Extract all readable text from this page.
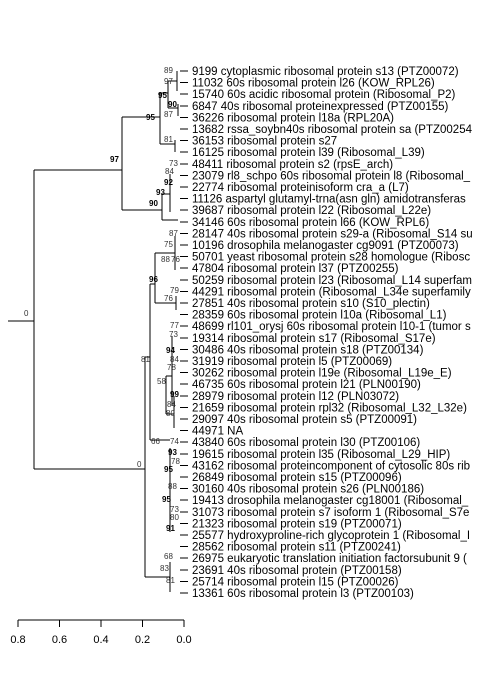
9199 cytoplasmic ribosomal protein s13 (PTZ00072)
11032 60s ribosomal protein l26 (KOW_RPL26)
15740 60s acidic ribosomal protein (Ribosomal_P2)
6847 40s ribosomal proteinexpressed (PTZ00155)
36226 ribosomal protein l18a (RPL20A)
13682 rssa_soybn40s ribosomal protein sa (PTZ00254
36153 ribosomal protein s27
16125 ribosomal protein l39 (Ribosomal_L39)
48411 ribosomal protein s2 (rpsE_arch)
23079 rl8_schpo 60s ribosomal protein l8 (Ribosomal_
22774 ribosomal proteinisoform cra_a (L7)
11126 aspartyl glutamyl-trna(asn gln) amidotransferas
39687 ribosomal protein l22 (Ribosomal_L22e)
34146 60s ribosomal protein l66 (KOW_RPL6)
28147 40s ribosomal protein s29-a (Ribosomal_S14 su
10196 drosophila melanogaster cg9091 (PTZ00073)
50701 yeast ribosomal protein s28 homologue (Ribosc
47804 ribosomal protein l37 (PTZ00255)
50259 ribosomal protein l23 (Ribosomal_L14 superfam
44291 ribosomal protein (Ribosomal_L34e superfamily
27851 40s ribosomal protein s10 (S10_plectin)
28359 60s ribosomal protein l10a (Ribosomal_L1)
48699 rl101_orysj 60s ribosomal protein l10-1 (tumor s
19314 ribosomal protein s17 (Ribosomal_S17e)
30486 40s ribosomal protein s18 (PTZ00134)
31919 ribosomal protein l5 (PTZ00069)
30262 ribosomal protein l19e (Ribosomal_L19e_E)
46735 60s ribosomal protein l21 (PLN00190)
28979 ribosomal protein l12 (PLN03072)
21659 ribosomal protein rpl32 (Ribosomal_L32_L32e)
29097 40s ribosomal protein s5 (PTZ00091)
44971 NA
43840 60s ribosomal protein l30 (PTZ00106)
19615 ribosomal protein l35 (Ribosomal_L29_HIP)
43162 ribosomal proteincomponent of cytosolic 80s rib
26849 ribosomal protein s15 (PTZ00096)
30160 40s ribosomal protein s26 (PLN00186)
19413 drosophila melanogaster cg18001 (Ribosomal_
31073 ribosomal protein s7 isoform 1 (Ribosomal_S7e
21323 ribosomal protein s19 (PTZ00071)
25577 hydroxyproline-rich glycoprotein 1 (Ribosomal_I
28562 ribosomal protein s11 (PTZ00241)
26975 eukaryotic translation initiation factorsubunit 9 (
23691 40s ribosomal protein (PTZ00158)
25714 ribosomal protein l15 (PTZ00026)
13361 60s ribosomal protein l3 (PTZ00103)
89
97
95
90
87
95
81
97	73
84
92
93
90
87
75
88 76
96
79
76
0
77
73
94
84
78
81
58
99
84
80
66 74
93
78
95
0
88
95
73
80
91
68
83
81
0.8 0.6 0.4 0.2 0.0
